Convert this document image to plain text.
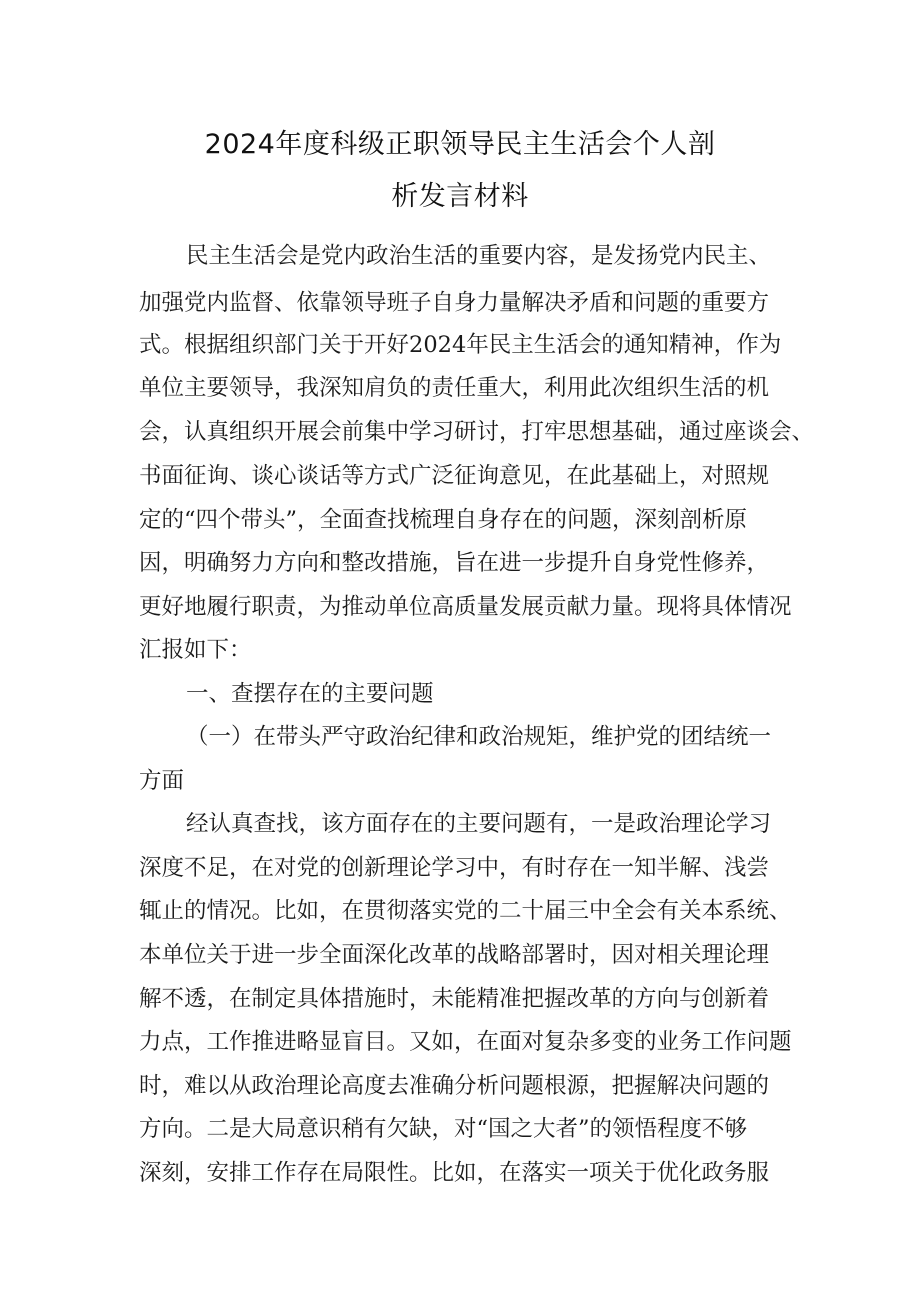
2024年度科级正职领导民主生活会个人剖
析发言材料
民主生活会是党内政治生活的重要内容，是发扬党内民主、
加强党内监督、依靠领导班子自身力量解决矛盾和问题的重要方
式。根据组织部门关于开好2024年民主生活会的通知精神，作为
单位主要领导，我深知肩负的责任重大，利用此次组织生活的机
会，认真组织开展会前集中学习研讨，打牢思想基础，通过座谈会、
书面征询、谈心谈话等方式广泛征询意见，在此基础上，对照规
定的“四个带头”，全面查找梳理自身存在的问题，深刻剖析原
因，明确努力方向和整改措施，旨在进一步提升自身党性修养，
更好地履行职责，为推动单位高质量发展贡献力量。现将具体情况
汇报如下：
一、查摆存在的主要问题
（一）在带头严守政治纪律和政治规矩，维护党的团结统一
方面
经认真查找，该方面存在的主要问题有，一是政治理论学习
深度不足，在对党的创新理论学习中，有时存在一知半解、浅尝
辄止的情况。比如，在贯彻落实党的二十届三中全会有关本系统、
本单位关于进一步全面深化改革的战略部署时，因对相关理论理
解不透，在制定具体措施时，未能精准把握改革的方向与创新着
力点，工作推进略显盲目。又如，在面对复杂多变的业务工作问题
时，难以从政治理论高度去准确分析问题根源，把握解决问题的
方向。二是大局意识稍有欠缺，对“国之大者”的领悟程度不够
深刻，安排工作存在局限性。比如，在落实一项关于优化政务服
